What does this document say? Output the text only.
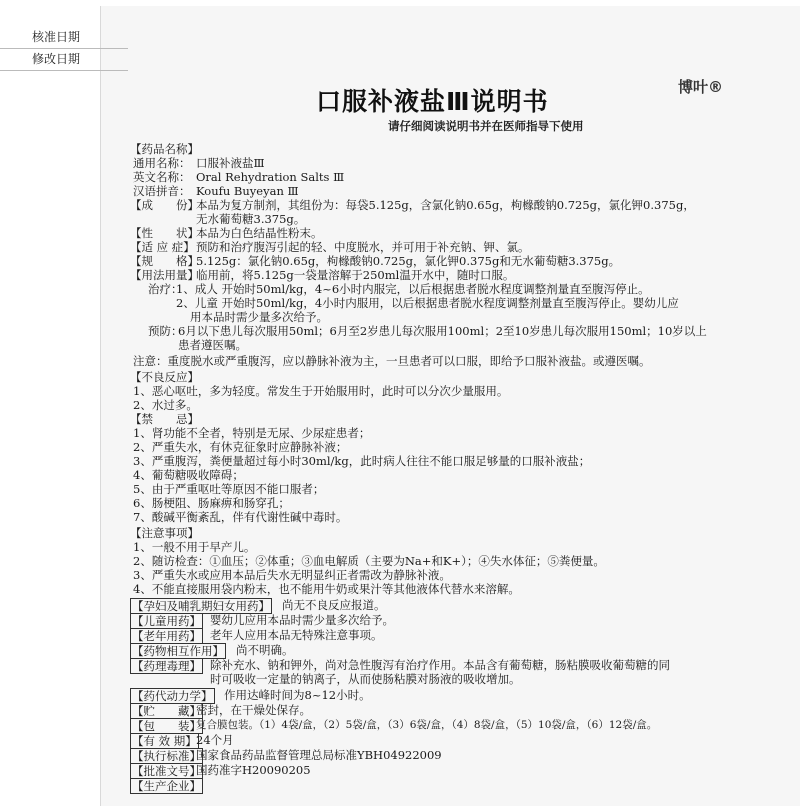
核准日期
修改日期
口服补液盐Ⅲ说明书	博叶®
请仔细阅读说明书并在医师指导下使用
【药品名称】
通用名称： 口服补液盐Ⅲ
英文名称： Oral Rehydration Salts Ⅲ
汉语拼音： Koufu Buyeyan Ⅲ
【成　　份】
本品为复方制剂，其组份为：每袋5.125g，含氯化钠0.65g，枸橼酸钠0.725g，氯化钾0.375g，
无水葡萄糖3.375g。
【性　　状】
本品为白色结晶性粉末。
【适 应 症】 预防和治疗腹泻引起的轻、中度脱水，并可用于补充钠、钾、氯。
【规　　格】
5.125g：氯化钠0.65g，枸橼酸钠0.725g，氯化钾0.375g和无水葡萄糖3.375g。
【用法用量】
临用前，将5.125g一袋量溶解于250ml温开水中，随时口服。
治疗：
1、成人 开始时50ml/kg，4~6小时内服完，以后根据患者脱水程度调整剂量直至腹泻停止。
2、儿童 开始时50ml/kg，4小时内服用，以后根据患者脱水程度调整剂量直至腹泻停止。婴幼儿应
用本品时需少量多次给予。
预防：
6月以下患儿每次服用50ml；6月至2岁患儿每次服用100ml；2至10岁患儿每次服用150ml；10岁以上
患者遵医嘱。
注意：重度脱水或严重腹泻，应以静脉补液为主，一旦患者可以口服，即给予口服补液盐。或遵医嘱。
【不良反应】
1、恶心呕吐，多为轻度。常发生于开始服用时，此时可以分次少量服用。
2、水过多。
【禁　　忌】
1、肾功能不全者，特别是无尿、少尿症患者；
2、严重失水，有休克征象时应静脉补液；
3、严重腹泻，粪便量超过每小时30ml/kg，此时病人往往不能口服足够量的口服补液盐；
4、葡萄糖吸收障碍；
5、由于严重呕吐等原因不能口服者；
6、肠梗阻、肠麻痹和肠穿孔；
7、酸碱平衡紊乱，伴有代谢性碱中毒时。
【注意事项】
1、一般不用于早产儿。
2、随访检查：①血压；②体重；③血电解质（主要为Na+和K+）；④失水体征；⑤粪便量。
3、严重失水或应用本品后失水无明显纠正者需改为静脉补液。
4、不能直接服用袋内粉末，也不能用牛奶或果汁等其他液体代替水来溶解。
【孕妇及哺乳期妇女用药】 尚无不良反应报道。
【儿童用药】 婴幼儿应用本品时需少量多次给予。
【老年用药】 老年人应用本品无特殊注意事项。
【药物相互作用】 尚不明确。
【药理毒理】 除补充水、钠和钾外，尚对急性腹泻有治疗作用。本品含有葡萄糖，肠粘膜吸收葡萄糖的同
时可吸收一定量的钠离子，从而使肠粘膜对肠液的吸收增加。
【药代动力学】 作用达峰时间为8~12小时。
【贮　　藏】
密封，在干燥处保存。
【包　　装】
复合膜包装。（1）4袋/盒，（2）5袋/盒，（3）6袋/盒，（4）8袋/盒，（5）10袋/盒，（6）12袋/盒。
【有 效 期】 24个月
【执行标准】
国家食品药品监督管理总局标准YBH04922009
【批准文号】
国药准字H20090205
【生产企业】
